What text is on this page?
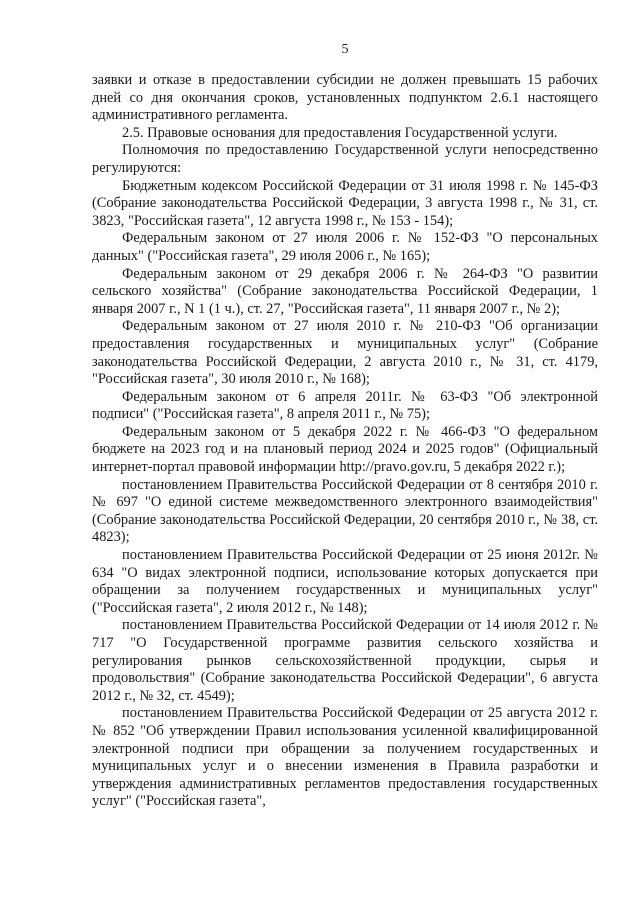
5

заявки и отказе в предоставлении субсидии не должен превышать 15 рабочих дней со дня окончания сроков, установленных подпунктом 2.6.1 настоящего административного регламента.

2.5. Правовые основания для предоставления Государственной услуги.

Полномочия по предоставлению Государственной услуги непосредственно регулируются:

Бюджетным кодексом Российской Федерации от 31 июля 1998 г. № 145-ФЗ (Собрание законодательства Российской Федерации, 3 августа 1998 г., № 31, ст. 3823, "Российская газета", 12 августа 1998 г., № 153 - 154);

Федеральным законом от 27 июля 2006 г. № 152-ФЗ "О персональных данных" ("Российская газета", 29 июля 2006 г., № 165);

Федеральным законом от 29 декабря 2006 г. № 264-ФЗ "О развитии сельского хозяйства" (Собрание законодательства Российской Федерации, 1 января 2007 г., N 1 (1 ч.), ст. 27, "Российская газета", 11 января 2007 г., № 2);

Федеральным законом от 27 июля 2010 г. № 210-ФЗ "Об организации предоставления государственных и муниципальных услуг" (Собрание законодательства Российской Федерации, 2 августа 2010 г., № 31, ст. 4179, "Российская газета", 30 июля 2010 г., № 168);

Федеральным законом от 6 апреля 2011г. № 63-ФЗ "Об электронной подписи" ("Российская газета", 8 апреля 2011 г., № 75);

Федеральным законом от 5 декабря 2022 г. № 466-ФЗ "О федеральном бюджете на 2023 год и на плановый период 2024 и 2025 годов" (Официальный интернет-портал правовой информации http://pravo.gov.ru, 5 декабря 2022 г.);

постановлением Правительства Российской Федерации от 8 сентября 2010 г. № 697 "О единой системе межведомственного электронного взаимодействия" (Собрание законодательства Российской Федерации, 20 сентября 2010 г., № 38, ст. 4823);

постановлением Правительства Российской Федерации от 25 июня 2012г. № 634 "О видах электронной подписи, использование которых допускается при обращении за получением государственных и муниципальных услуг" ("Российская газета", 2 июля 2012 г., № 148);

постановлением Правительства Российской Федерации от 14 июля 2012 г. № 717 "О Государственной программе развития сельского хозяйства и регулирования рынков сельскохозяйственной продукции, сырья и продовольствия" (Собрание законодательства Российской Федерации", 6 августа 2012 г., № 32, ст. 4549);

постановлением Правительства Российской Федерации от 25 августа 2012 г. № 852 "Об утверждении Правил использования усиленной квалифицированной электронной подписи при обращении за получением государственных и муниципальных услуг и о внесении изменения в Правила разработки и утверждения административных регламентов предоставления государственных услуг" ("Российская газета",
